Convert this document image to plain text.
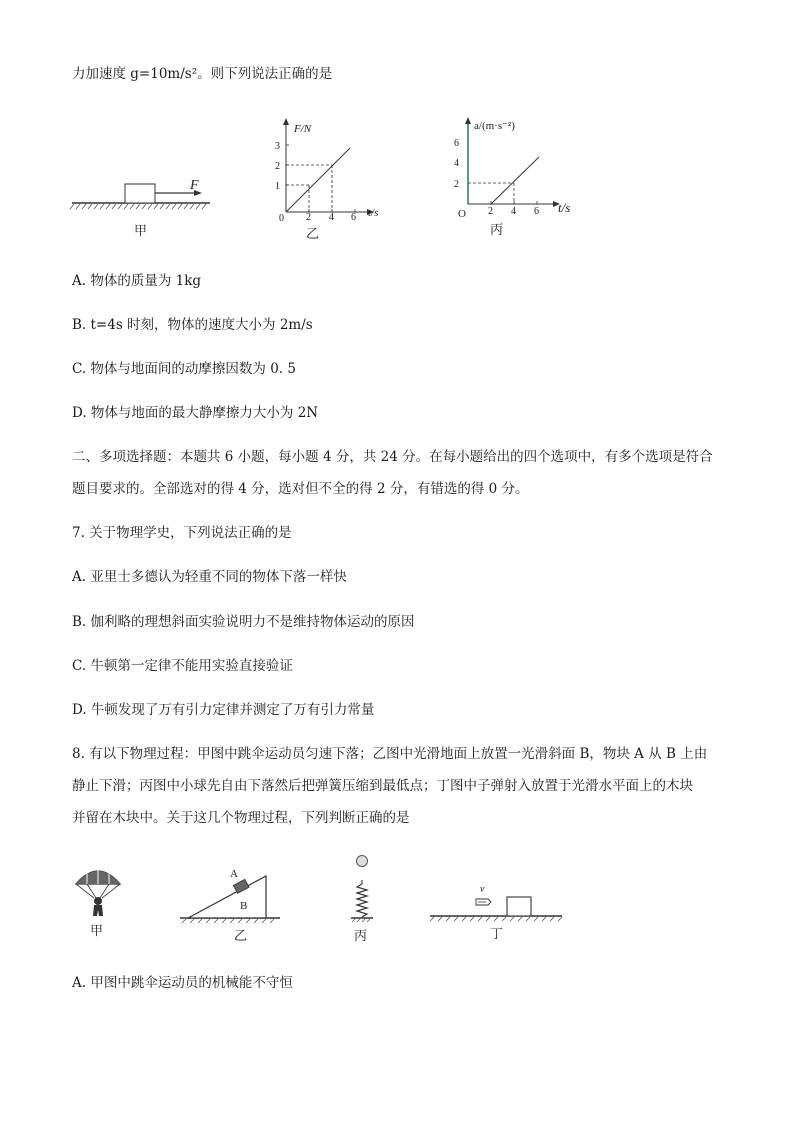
力加速度 g=10m/s²。则下列说法正确的是
F
甲
F/N
t/s
0 2 4 6
1
2
3
乙
a/(m·s⁻²)
t/s
O 2 4 6
2
4
6
丙
A. 物体的质量为 1kg
B. t=4s 时刻，物体的速度大小为 2m/s
C. 物体与地面间的动摩擦因数为 0. 5
D. 物体与地面的最大静摩擦力大小为 2N
二、多项选择题：本题共 6 小题，每小题 4 分，共 24 分。在每小题给出的四个选项中，有多个选项是符合
题目要求的。全部选对的得 4 分，选对但不全的得 2 分，有错选的得 0 分。
7. 关于物理学史，下列说法正确的是
A. 亚里士多德认为轻重不同的物体下落一样快
B. 伽利略的理想斜面实验说明力不是维持物体运动的原因
C. 牛顿第一定律不能用实验直接验证
D. 牛顿发现了万有引力定律并测定了万有引力常量
8. 有以下物理过程：甲图中跳伞运动员匀速下落；乙图中光滑地面上放置一光滑斜面 B，物块 A 从 B 上由
静止下滑；丙图中小球先自由下落然后把弹簧压缩到最低点；丁图中子弹射入放置于光滑水平面上的木块
并留在木块中。关于这几个物理过程，下列判断正确的是
甲
A
B
乙	丙
v
丁
A. 甲图中跳伞运动员的机械能不守恒
